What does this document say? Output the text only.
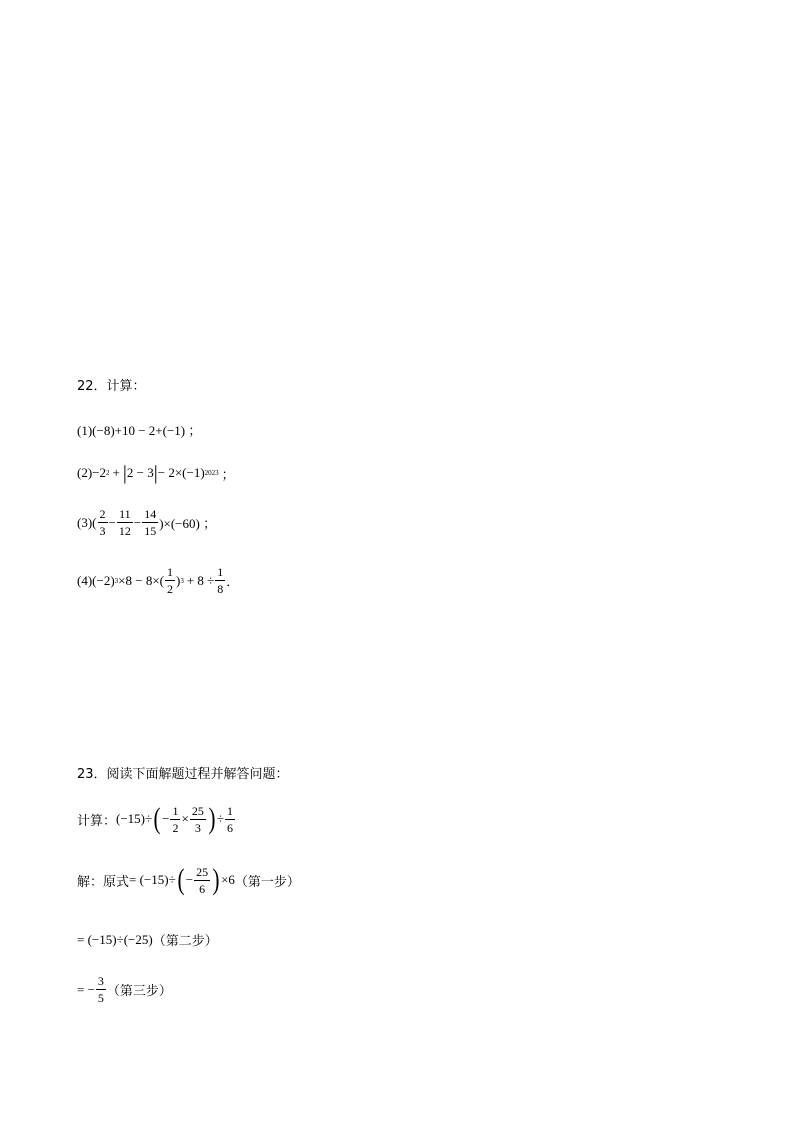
22．计算：
(1)(−8)+10 − 2+(−1) ；
(2) −2 2 + | 2 − 3 | − 2× (−1) 2023 ；
$(3)( \frac{2}{3} - \frac{11}{12} - \frac{14}{15} )\times(-60)$ ；
(4)(−2) $3 \times 8 - 8\times( \frac{1}{2}$ ) $3 + 8 \div \frac{1}{8}$ ．
23．阅读下面解题过程并解答问题：
计算： (−15)÷ ( − $\frac{1}{2} \times \frac{25}{3}$ ) ÷ $\frac{1}{6}$
解：原式 = (−15)÷ ( − $\frac{25}{6}$ ) ×6 （第一步）
= (−15)÷(−25) （第二步）
= − $\frac{3}{5}$ （第三步）
